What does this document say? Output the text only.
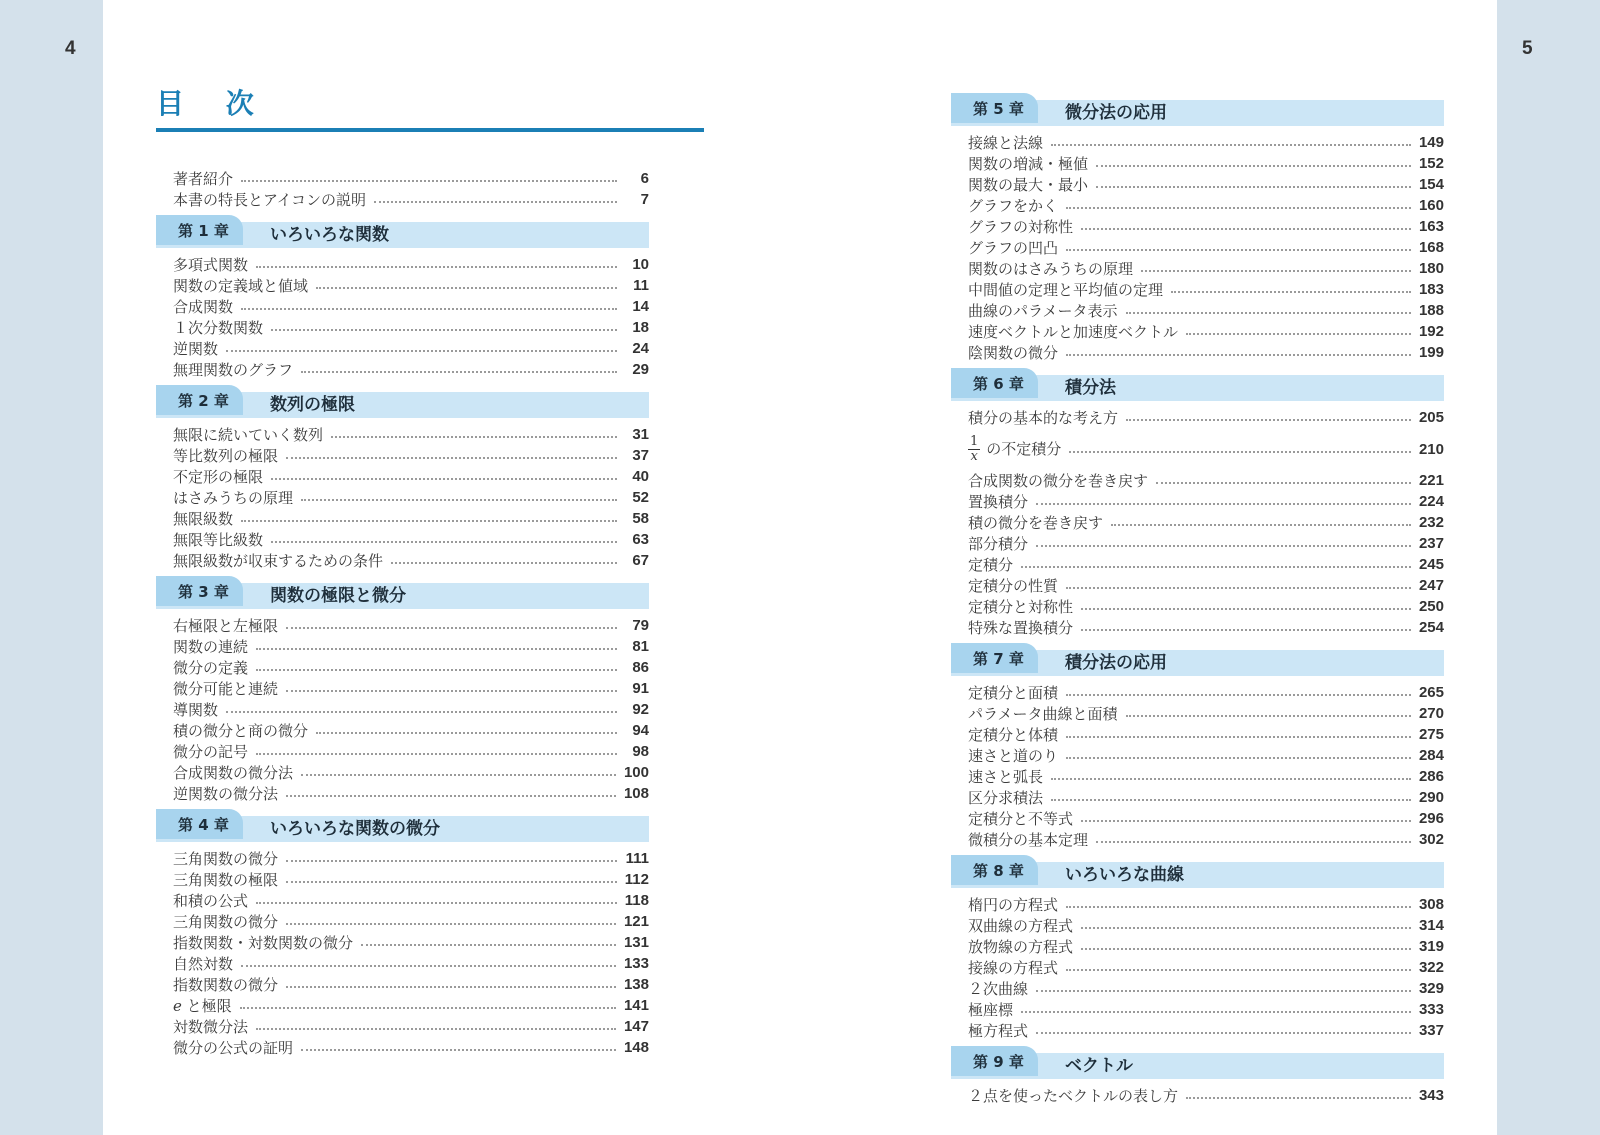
4	5
目 次
著者紹介	6
本書の特長とアイコンの説明	7
第 1 章	いろいろな関数
多項式関数	10
関数の定義域と値域	11
合成関数	14
１次分数関数	18
逆関数	24
無理関数のグラフ	29
第 2 章	数列の極限
無限に続いていく数列	31
等比数列の極限	37
不定形の極限	40
はさみうちの原理	52
無限級数	58
無限等比級数	63
無限級数が収束するための条件	67
第 3 章	関数の極限と微分
右極限と左極限	79
関数の連続	81
微分の定義	86
微分可能と連続	91
導関数	92
積の微分と商の微分	94
微分の記号	98
合成関数の微分法	100
逆関数の微分法	108
第 4 章	いろいろな関数の微分
三角関数の微分	111
三角関数の極限	112
和積の公式	118
三角関数の微分	121
指数関数・対数関数の微分	131
自然対数	133
指数関数の微分	138
e と極限	141
対数微分法	147
微分の公式の証明	148
第 5 章	微分法の応用
接線と法線	149
関数の増減・極値	152
関数の最大・最小	154
グラフをかく	160
グラフの対称性	163
グラフの凹凸	168
関数のはさみうちの原理	180
中間値の定理と平均値の定理	183
曲線のパラメータ表示	188
速度ベクトルと加速度ベクトル	192
陰関数の微分	199
第 6 章	積分法
積分の基本的な考え方	205
$\frac{1}{x}$ の不定積分	210
合成関数の微分を巻き戻す	221
置換積分	224
積の微分を巻き戻す	232
部分積分	237
定積分	245
定積分の性質	247
定積分と対称性	250
特殊な置換積分	254
第 7 章	積分法の応用
定積分と面積	265
パラメータ曲線と面積	270
定積分と体積	275
速さと道のり	284
速さと弧長	286
区分求積法	290
定積分と不等式	296
微積分の基本定理	302
第 8 章	いろいろな曲線
楕円の方程式	308
双曲線の方程式	314
放物線の方程式	319
接線の方程式	322
２次曲線	329
極座標	333
極方程式	337
第 9 章	ベクトル
２点を使ったベクトルの表し方	343
